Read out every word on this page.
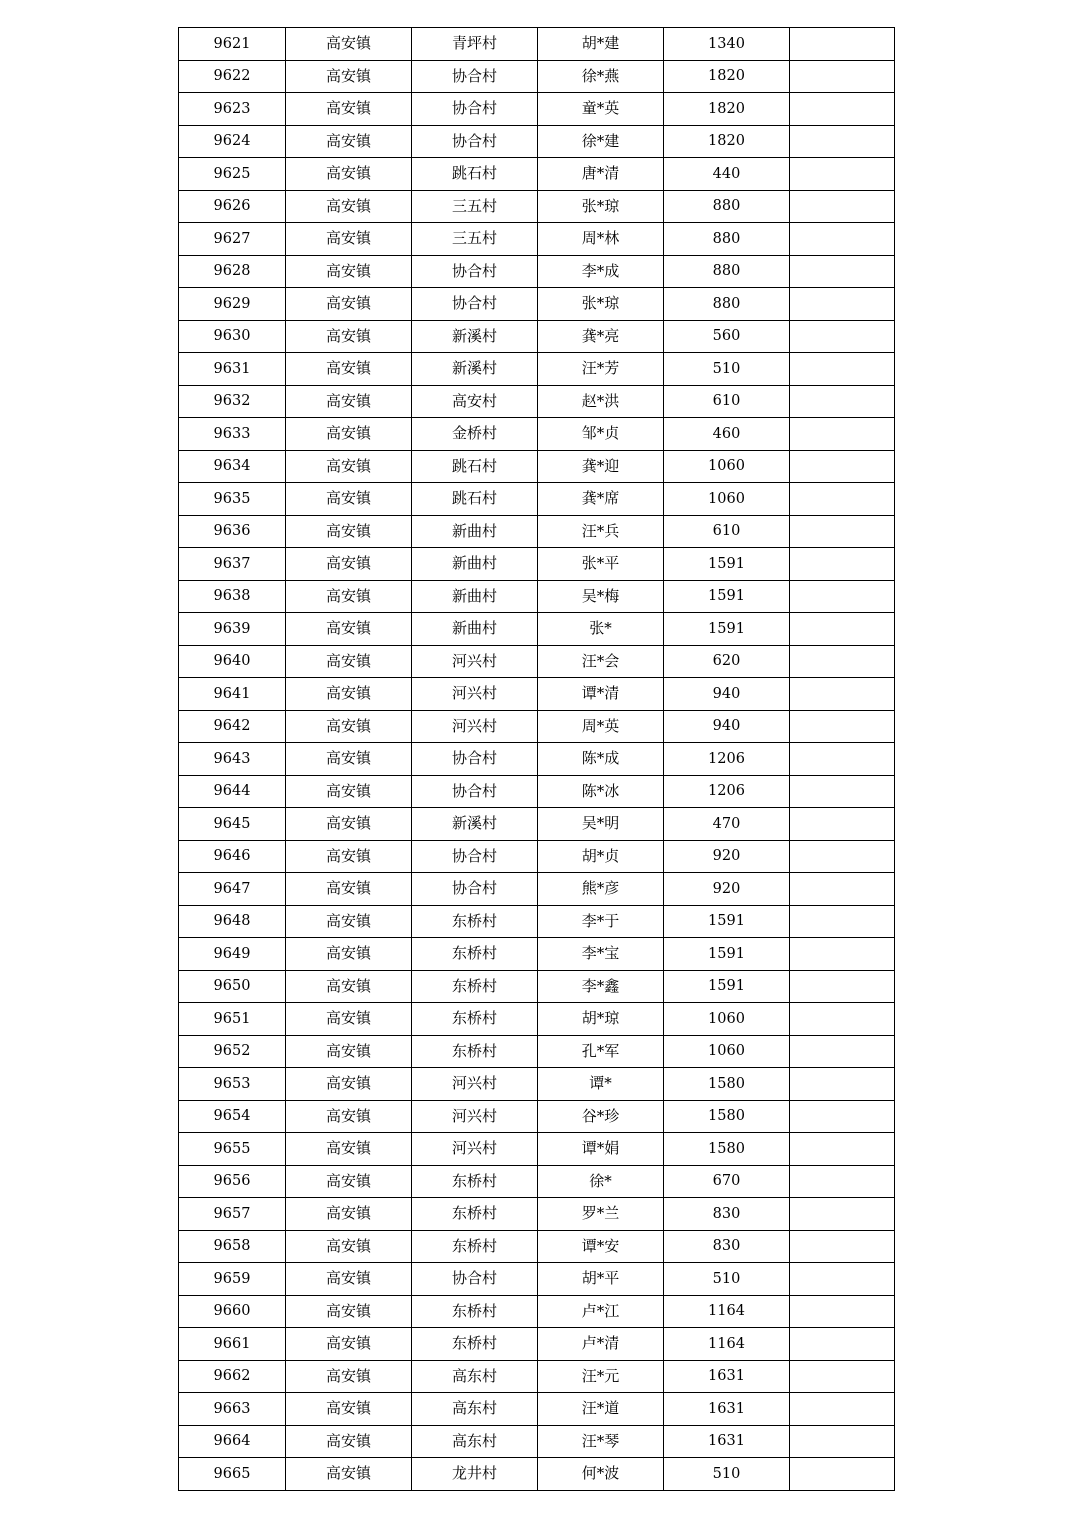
9621	高安镇	青坪村	胡*建	1340	
9622	高安镇	协合村	徐*燕	1820	
9623	高安镇	协合村	童*英	1820	
9624	高安镇	协合村	徐*建	1820	
9625	高安镇	跳石村	唐*清	440	
9626	高安镇	三五村	张*琼	880	
9627	高安镇	三五村	周*林	880	
9628	高安镇	协合村	李*成	880	
9629	高安镇	协合村	张*琼	880	
9630	高安镇	新溪村	龚*亮	560	
9631	高安镇	新溪村	汪*芳	510	
9632	高安镇	高安村	赵*洪	610	
9633	高安镇	金桥村	邹*贞	460	
9634	高安镇	跳石村	龚*迎	1060	
9635	高安镇	跳石村	龚*席	1060	
9636	高安镇	新曲村	汪*兵	610	
9637	高安镇	新曲村	张*平	1591	
9638	高安镇	新曲村	吴*梅	1591	
9639	高安镇	新曲村	张*	1591	
9640	高安镇	河兴村	汪*会	620	
9641	高安镇	河兴村	谭*清	940	
9642	高安镇	河兴村	周*英	940	
9643	高安镇	协合村	陈*成	1206	
9644	高安镇	协合村	陈*冰	1206	
9645	高安镇	新溪村	吴*明	470	
9646	高安镇	协合村	胡*贞	920	
9647	高安镇	协合村	熊*彦	920	
9648	高安镇	东桥村	李*于	1591	
9649	高安镇	东桥村	李*宝	1591	
9650	高安镇	东桥村	李*鑫	1591	
9651	高安镇	东桥村	胡*琼	1060	
9652	高安镇	东桥村	孔*军	1060	
9653	高安镇	河兴村	谭*	1580	
9654	高安镇	河兴村	谷*珍	1580	
9655	高安镇	河兴村	谭*娟	1580	
9656	高安镇	东桥村	徐*	670	
9657	高安镇	东桥村	罗*兰	830	
9658	高安镇	东桥村	谭*安	830	
9659	高安镇	协合村	胡*平	510	
9660	高安镇	东桥村	卢*江	1164	
9661	高安镇	东桥村	卢*清	1164	
9662	高安镇	高东村	汪*元	1631	
9663	高安镇	高东村	汪*道	1631	
9664	高安镇	高东村	汪*琴	1631	
9665	高安镇	龙井村	何*波	510	
